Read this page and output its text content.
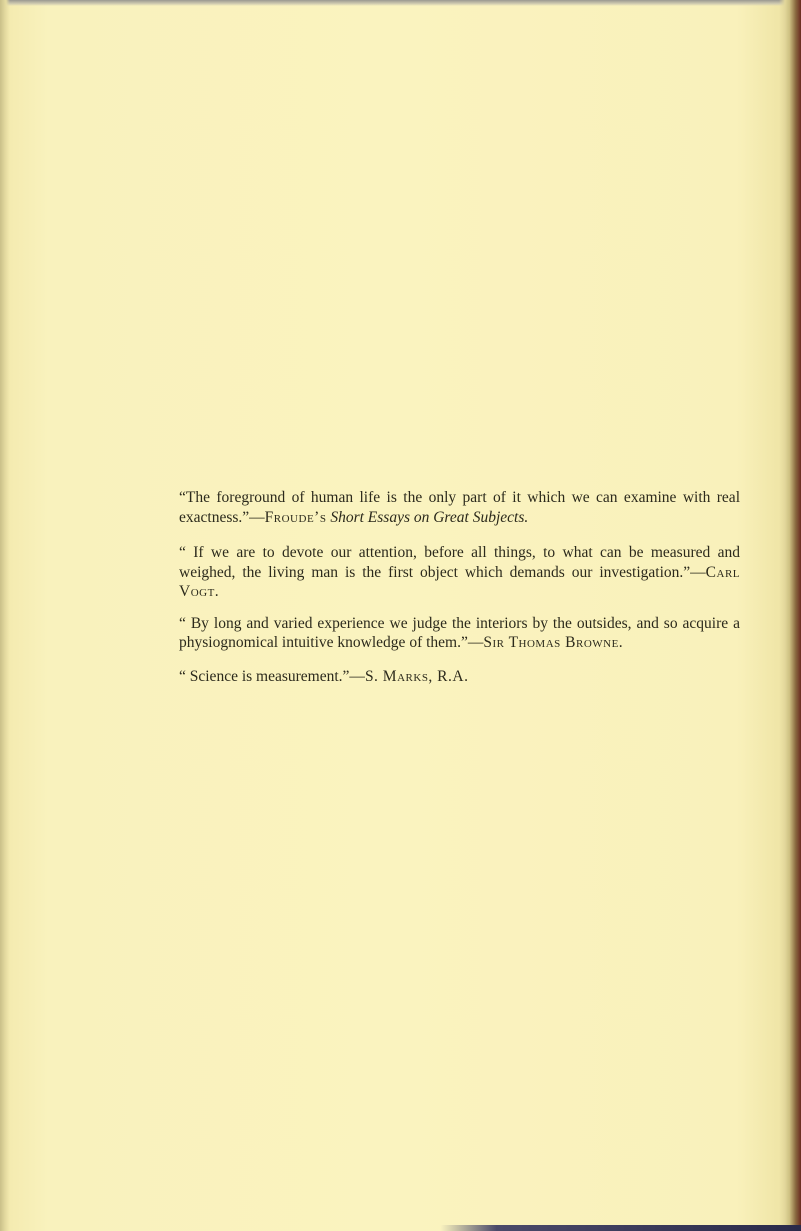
“The foreground of human life is the only part of it which we can examine with real exactness.”—Froude’s Short Essays on Great Subjects.

“ If we are to devote our attention, before all things, to what can be measured and weighed, the living man is the first object which demands our investigation.”—Carl Vogt.

“ By long and varied experience we judge the interiors by the outsides, and so acquire a physiognomical intuitive knowledge of them.”—Sir Thomas Browne.

“ Science is measurement.”—S. Marks, R.A.
